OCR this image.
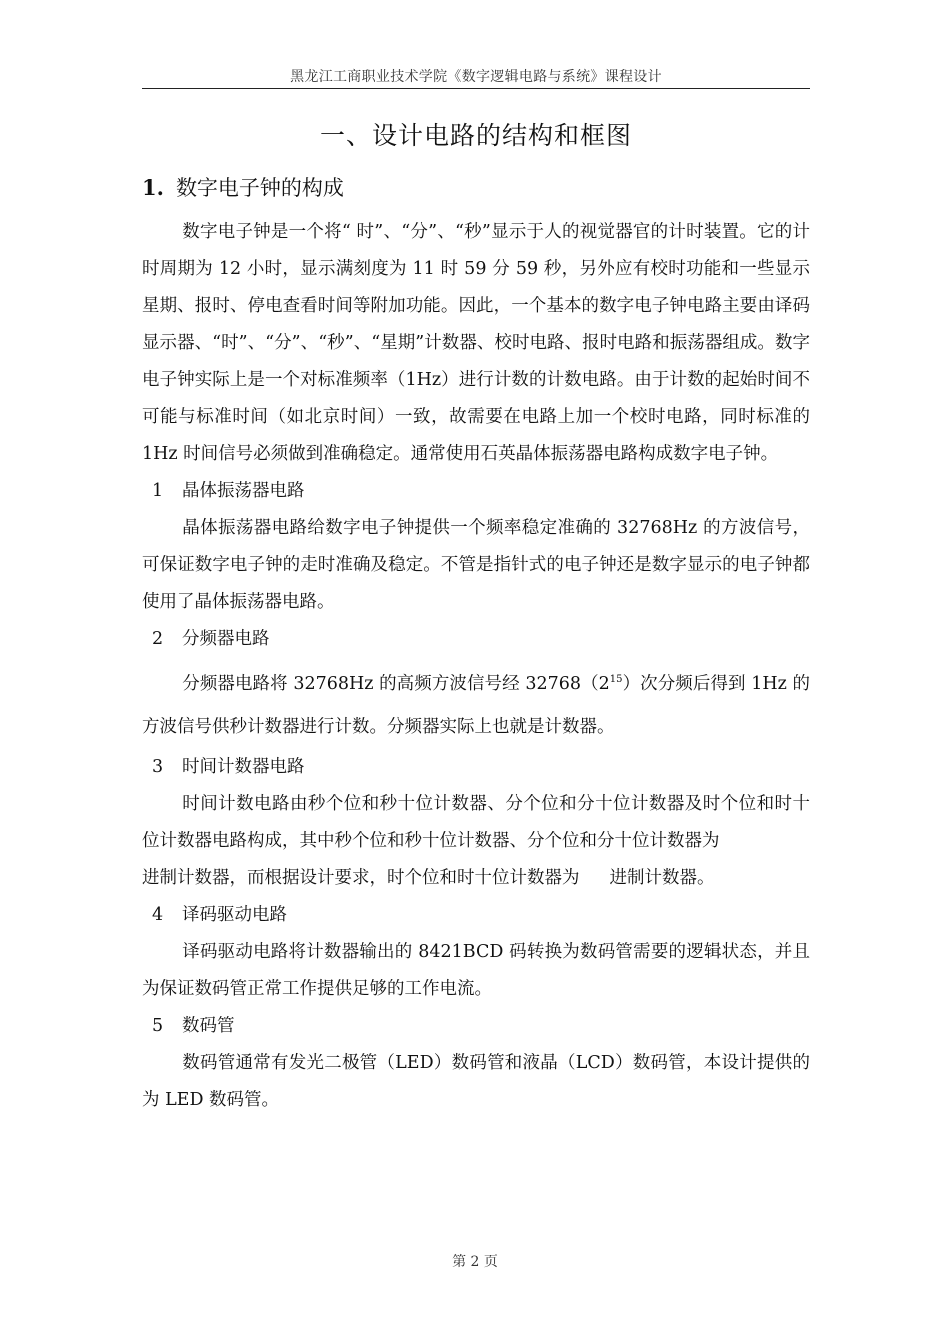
黑龙江工商职业技术学院《数字逻辑电路与系统》课程设计
一、设计电路的结构和框图
1. 数字电子钟的构成

数字电子钟是一个将“ 时”、“分”、“秒”显示于人的视觉器官的计时装置。它的计时周期为 12 小时，显示满刻度为 11 时 59 分 59 秒，另外应有校时功能和一些显示星期、报时、停电查看时间等附加功能。因此，一个基本的数字电子钟电路主要由译码显示器、“时”、“分”、“秒”、“星期”计数器、校时电路、报时电路和振荡器组成。数字电子钟实际上是一个对标准频率（1Hz）进行计数的计数电路。由于计数的起始时间不可能与标准时间（如北京时间）一致，故需要在电路上加一个校时电路，同时标准的 1Hz 时间信号必须做到准确稳定。通常使用石英晶体振荡器电路构成数字电子钟。

1 晶体振荡器电路

晶体振荡器电路给数字电子钟提供一个频率稳定准确的 32768Hz 的方波信号，可保证数字电子钟的走时准确及稳定。不管是指针式的电子钟还是数字显示的电子钟都使用了晶体振荡器电路。

2 分频器电路

分频器电路将 32768Hz 的高频方波信号经 $32768(2^{15})$次分频后得到 1Hz 的方波信号供秒计数器进行计数。分频器实际上也就是计数器。

3 时间计数器电路

时间计数电路由秒个位和秒十位计数器、分个位和分十位计数器及时个位和时十位计数器电路构成，其中秒个位和秒十位计数器、分个位和分十位计数器为
进制计数器，而根据设计要求，时个位和时十位计数器为 进制计数器。

4 译码驱动电路

译码驱动电路将计数器输出的 8421BCD 码转换为数码管需要的逻辑状态，并且为保证数码管正常工作提供足够的工作电流。

5 数码管

数码管通常有发光二极管（LED）数码管和液晶（LCD）数码管，本设计提供的为 LED 数码管。

第 2 页
